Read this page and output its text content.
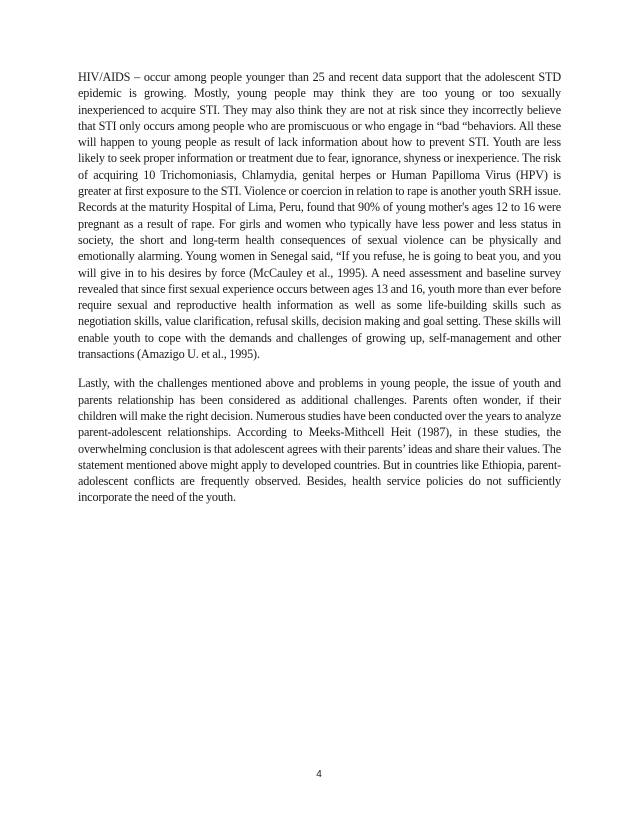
HIV/AIDS – occur among people younger than 25 and recent data support that the adolescent STD epidemic is growing. Mostly, young people may think they are too young or too sexually inexperienced to acquire STI. They may also think they are not at risk since they incorrectly believe that STI only occurs among people who are promiscuous or who engage in “bad “behaviors. All these will happen to young people as result of lack information about how to prevent STI. Youth are less likely to seek proper information or treatment due to fear, ignorance, shyness or inexperience. The risk of acquiring 10 Trichomoniasis, Chlamydia, genital herpes or Human Papilloma Virus (HPV) is greater at first exposure to the STI. Violence or coercion in relation to rape is another youth SRH issue. Records at the maturity Hospital of Lima, Peru, found that 90% of young mother's ages 12 to 16 were pregnant as a result of rape. For girls and women who typically have less power and less status in society, the short and long-term health consequences of sexual violence can be physically and emotionally alarming. Young women in Senegal said, “If you refuse, he is going to beat you, and you will give in to his desires by force (McCauley et al., 1995). A need assessment and baseline survey revealed that since first sexual experience occurs between ages 13 and 16, youth more than ever before require sexual and reproductive health information as well as some life-building skills such as negotiation skills, value clarification, refusal skills, decision making and goal setting. These skills will enable youth to cope with the demands and challenges of growing up, self-management and other transactions (Amazigo U. et al., 1995).

Lastly, with the challenges mentioned above and problems in young people, the issue of youth and parents relationship has been considered as additional challenges. Parents often wonder, if their children will make the right decision. Numerous studies have been conducted over the years to analyze parent-adolescent relationships. According to Meeks-Mithcell Heit (1987), in these studies, the overwhelming conclusion is that adolescent agrees with their parents’ ideas and share their values. The statement mentioned above might apply to developed countries. But in countries like Ethiopia, parent-adolescent conflicts are frequently observed. Besides, health service policies do not sufficiently incorporate the need of the youth.

4
